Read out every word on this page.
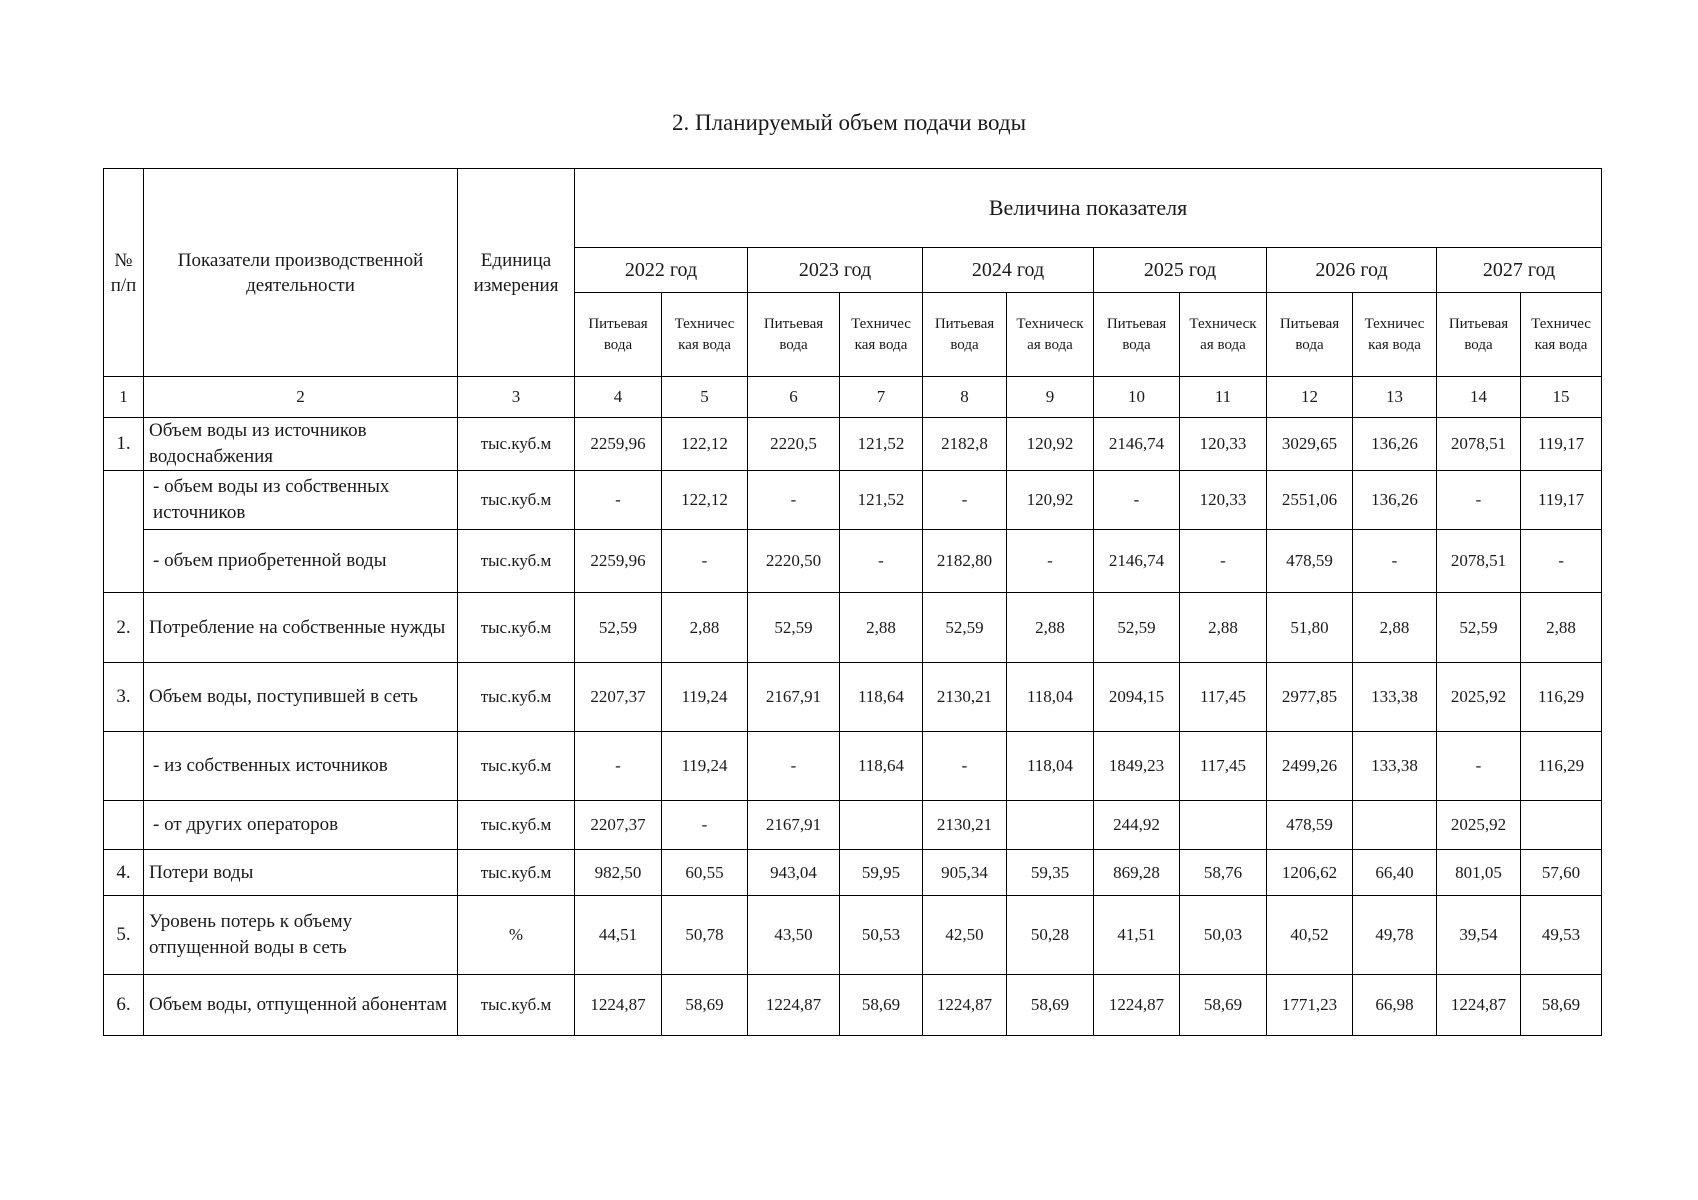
2. Планируемый объем подачи воды
№ п/п	Показатели производственной деятельности	Единица измерения	Величина показателя											
			2022 год		2023 год		2024 год		2025 год		2026 год		2027 год	
			Питьевая вода	Техничес кая вода	Питьевая вода	Техничес кая вода	Питьевая вода	Техническ ая вода	Питьевая вода	Техническ ая вода	Питьевая вода	Техничес кая вода	Питьевая вода	Техничес кая вода
1	2	3	4	5	6	7	8	9	10	11	12	13	14	15
1.	Объем воды из источников водоснабжения	тыс.куб.м	2259,96	122,12	2220,5	121,52	2182,8	120,92	2146,74	120,33	3029,65	136,26	2078,51	119,17
	- объем воды из собственных источников	тыс.куб.м	-	122,12	-	121,52	-	120,92	-	120,33	2551,06	136,26	-	119,17
	- объем приобретенной воды	тыс.куб.м	2259,96	-	2220,50	-	2182,80	-	2146,74	-	478,59	-	2078,51	-
2.	Потребление на собственные нужды	тыс.куб.м	52,59	2,88	52,59	2,88	52,59	2,88	52,59	2,88	51,80	2,88	52,59	2,88
3.	Объем воды, поступившей в сеть	тыс.куб.м	2207,37	119,24	2167,91	118,64	2130,21	118,04	2094,15	117,45	2977,85	133,38	2025,92	116,29
	- из собственных источников	тыс.куб.м	-	119,24	-	118,64	-	118,04	1849,23	117,45	2499,26	133,38	-	116,29
	- от других операторов	тыс.куб.м	2207,37	-	2167,91		2130,21		244,92		478,59		2025,92	
4.	Потери воды	тыс.куб.м	982,50	60,55	943,04	59,95	905,34	59,35	869,28	58,76	1206,62	66,40	801,05	57,60
5.	Уровень потерь к объему отпущенной воды в сеть	%	44,51	50,78	43,50	50,53	42,50	50,28	41,51	50,03	40,52	49,78	39,54	49,53
6.	Объем воды, отпущенной абонентам	тыс.куб.м	1224,87	58,69	1224,87	58,69	1224,87	58,69	1224,87	58,69	1771,23	66,98	1224,87	58,69
